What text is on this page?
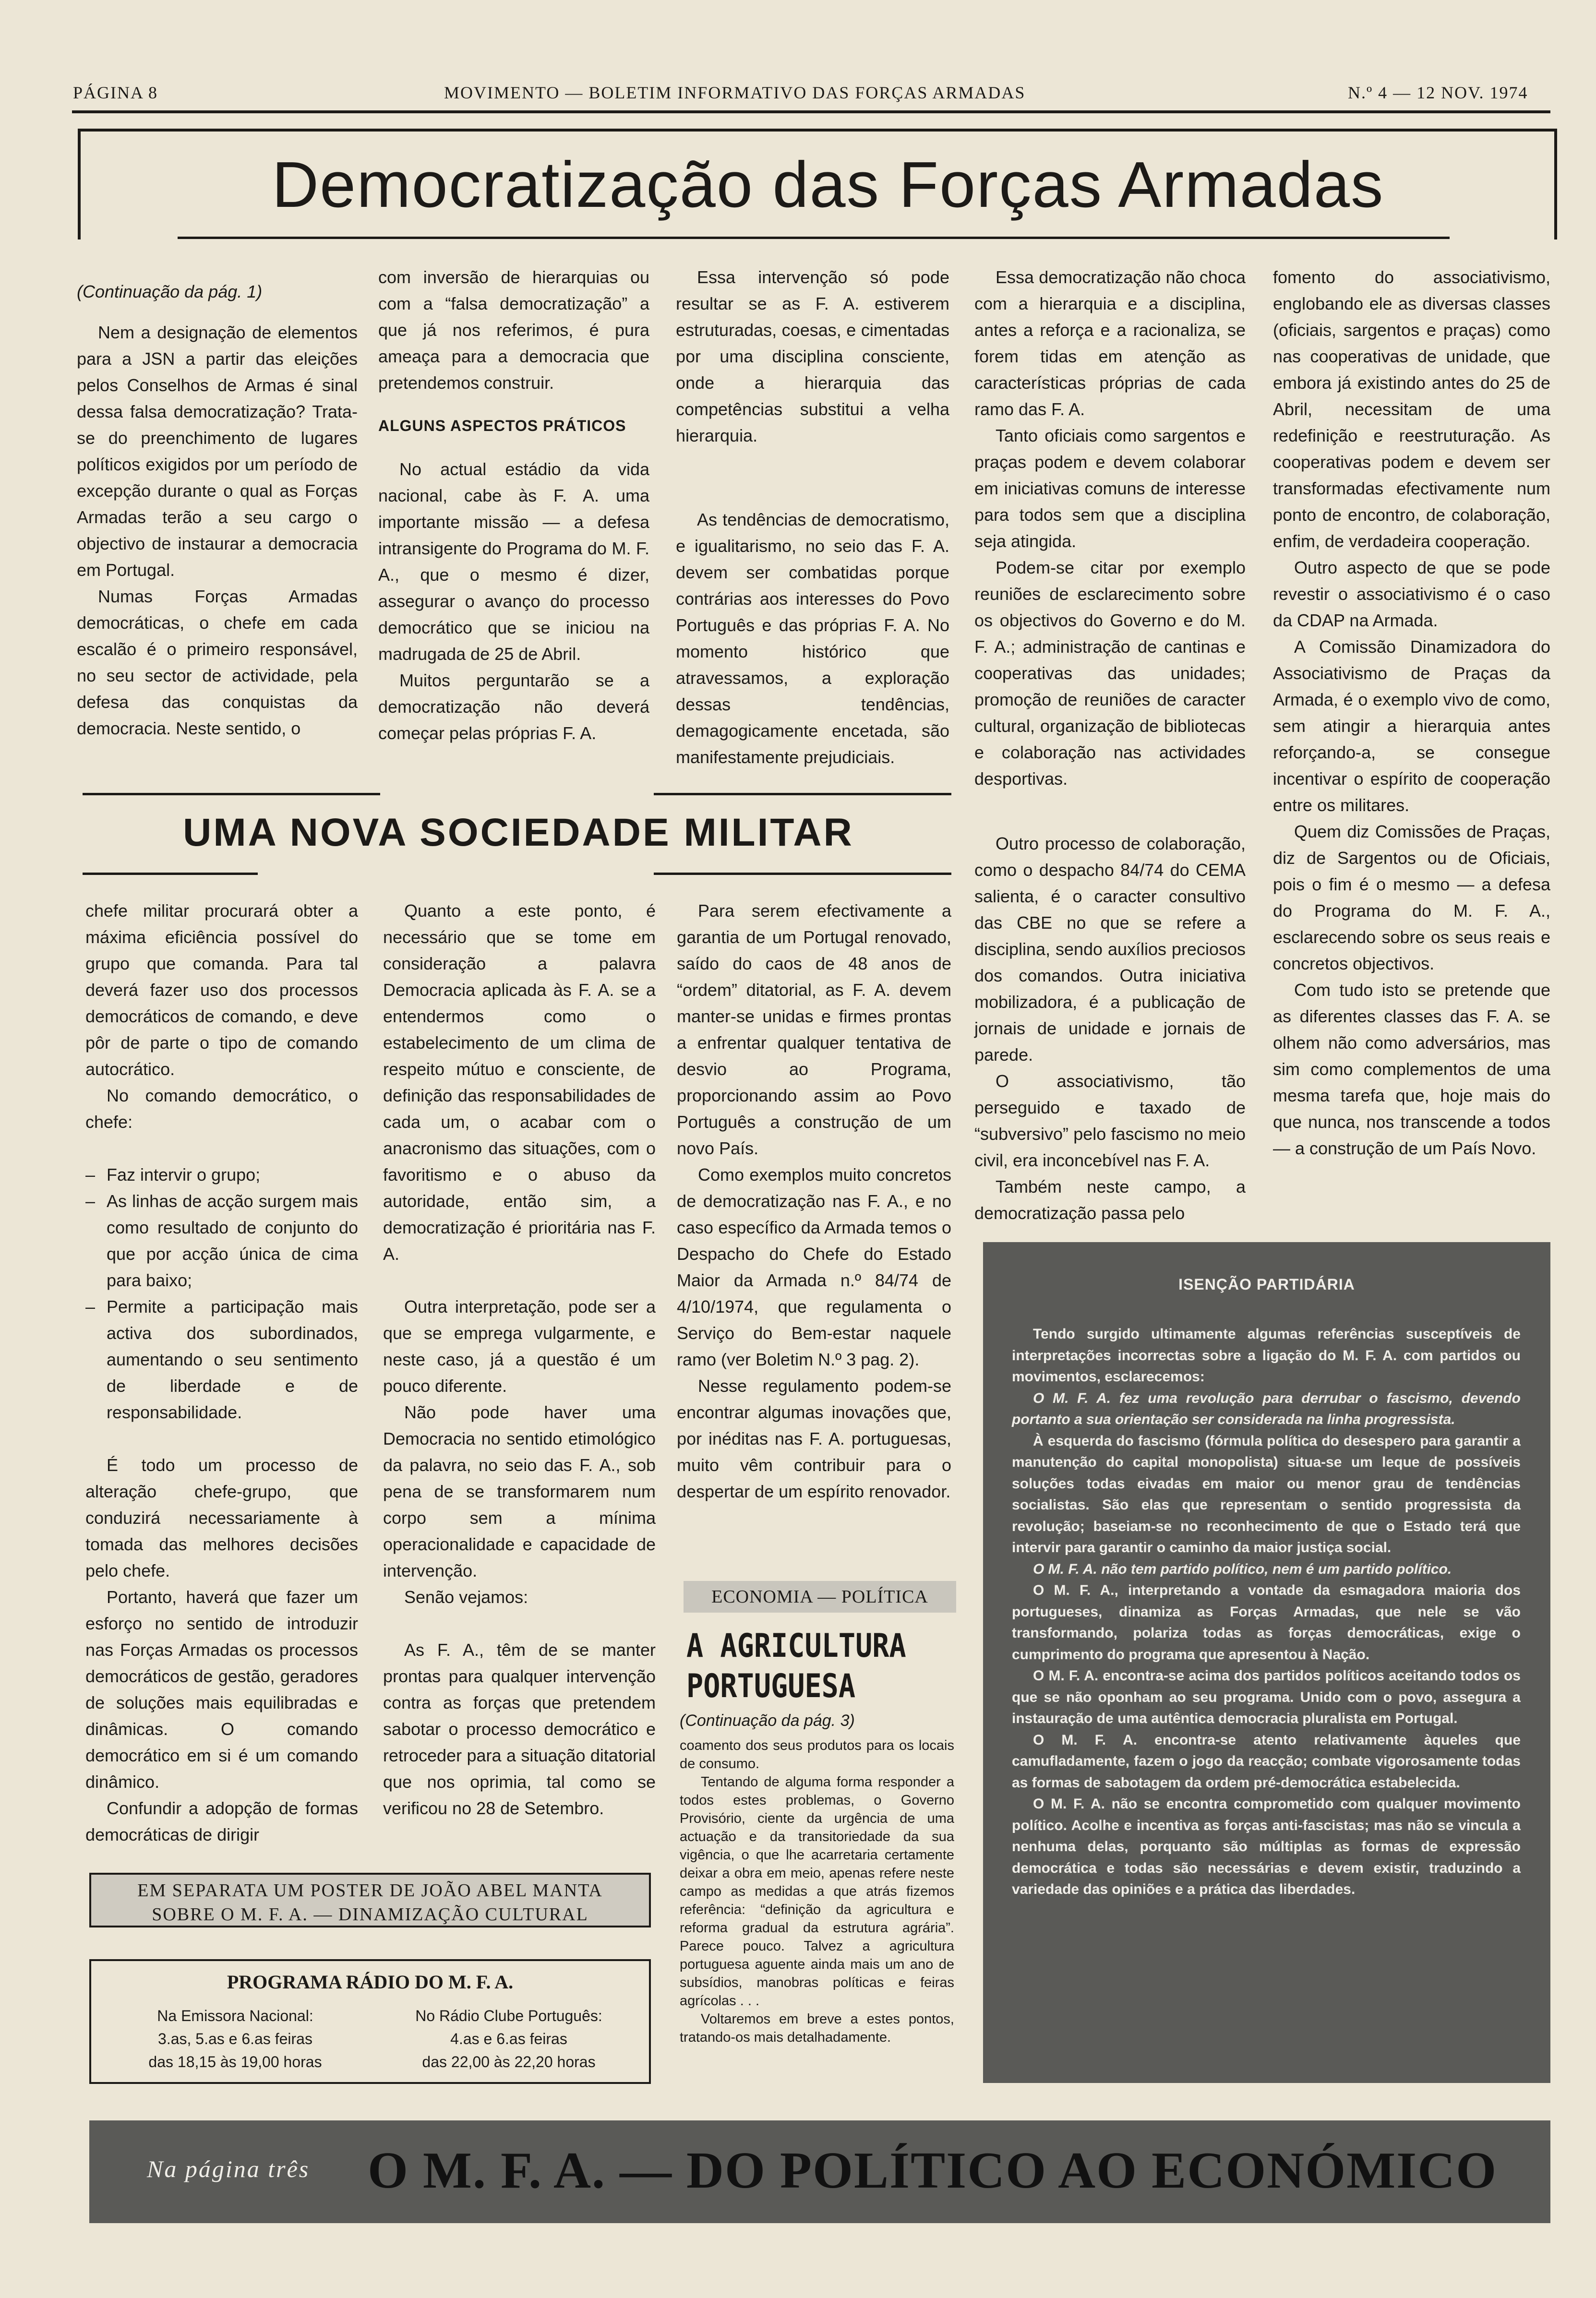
PÁGINA 8	MOVIMENTO — BOLETIM INFORMATIVO DAS FORÇAS ARMADAS	N.º 4 — 12 NOV. 1974
Democratização das Forças Armadas

(Continuação da pág. 1)

Nem a designação de elementos para a JSN a partir das eleições pelos Conselhos de Armas é sinal dessa falsa democratização? Trata-se do preenchimento de lugares políticos exigidos por um período de excepção durante o qual as Forças Armadas terão a seu cargo o objectivo de instaurar a democracia em Portugal.

Numas Forças Armadas democráticas, o chefe em cada escalão é o primeiro responsável, no seu sector de actividade, pela defesa das conquistas da democracia. Neste sentido, o

com inversão de hierarquias ou com a “falsa democratização” a que já nos referimos, é pura ameaça para a democracia que pretendemos construir.

ALGUNS ASPECTOS PRÁTICOS

No actual estádio da vida nacional, cabe às F. A. uma importante missão — a defesa intransigente do Programa do M. F. A., que o mesmo é dizer, assegurar o avanço do processo democrático que se iniciou na madrugada de 25 de Abril.

Muitos perguntarão se a democratização não deverá começar pelas próprias F. A.

Essa intervenção só pode resultar se as F. A. estiverem estruturadas, coesas, e cimentadas por uma disciplina consciente, onde a hierarquia das competências substitui a velha hierarquia.

As tendências de democratismo, e igualitarismo, no seio das F. A. devem ser combatidas porque contrárias aos interesses do Povo Português e das próprias F. A. No momento histórico que atravessamos, a exploração dessas tendências, demagogicamente encetada, são manifestamente prejudiciais.

Essa democratização não choca com a hierarquia e a disciplina, antes a reforça e a racionaliza, se forem tidas em atenção as características próprias de cada ramo das F. A.

Tanto oficiais como sargentos e praças podem e devem colaborar em iniciativas comuns de interesse para todos sem que a disciplina seja atingida.

Podem-se citar por exemplo reuniões de esclarecimento sobre os objectivos do Governo e do M. F. A.; administração de cantinas e cooperativas das unidades; promoção de reuniões de caracter cultural, organização de bibliotecas e colaboração nas actividades desportivas.

Outro processo de colaboração, como o despacho 84/74 do CEMA salienta, é o caracter consultivo das CBE no que se refere a disciplina, sendo auxílios preciosos dos comandos. Outra iniciativa mobilizadora, é a publicação de jornais de unidade e jornais de parede.

O associativismo, tão perseguido e taxado de “subversivo” pelo fascismo no meio civil, era inconcebível nas F. A.

Também neste campo, a democratização passa pelo

fomento do associativismo, englobando ele as diversas classes (oficiais, sargentos e praças) como nas cooperativas de unidade, que embora já existindo antes do 25 de Abril, necessitam de uma redefinição e reestruturação. As cooperativas podem e devem ser transformadas efectivamente num ponto de encontro, de colaboração, enfim, de verdadeira cooperação.

Outro aspecto de que se pode revestir o associativismo é o caso da CDAP na Armada.

A Comissão Dinamizadora do Associativismo de Praças da Armada, é o exemplo vivo de como, sem atingir a hierarquia antes reforçando-a, se consegue incentivar o espírito de cooperação entre os militares.

Quem diz Comissões de Praças, diz de Sargentos ou de Oficiais, pois o fim é o mesmo — a defesa do Programa do M. F. A., esclarecendo sobre os seus reais e concretos objectivos.

Com tudo isto se pretende que as diferentes classes das F. A. se olhem não como adversários, mas sim como complementos de uma mesma tarefa que, hoje mais do que nunca, nos transcende a todos — a construção de um País Novo.

UMA NOVA SOCIEDADE MILITAR

chefe militar procurará obter a máxima eficiência possível do grupo que comanda. Para tal deverá fazer uso dos processos democráticos de comando, e deve pôr de parte o tipo de comando autocrático.

No comando democrático, o chefe:

– Faz intervir o grupo;
– As linhas de acção surgem mais como resultado de conjunto do que por acção única de cima para baixo;
– Permite a participação mais activa dos subordinados, aumentando o seu sentimento de liberdade e de responsabilidade.

É todo um processo de alteração chefe-grupo, que conduzirá necessariamente à tomada das melhores decisões pelo chefe.

Portanto, haverá que fazer um esforço no sentido de introduzir nas Forças Armadas os processos democráticos de gestão, geradores de soluções mais equilibradas e dinâmicas. O comando democrático em si é um comando dinâmico.

Confundir a adopção de formas democráticas de dirigir

Quanto a este ponto, é necessário que se tome em consideração a palavra Democracia aplicada às F. A. se a entendermos como o estabelecimento de um clima de respeito mútuo e consciente, de definição das responsabilidades de cada um, o acabar com o anacronismo das situações, com o favoritismo e o abuso da autoridade, então sim, a democratização é prioritária nas F. A.

Outra interpretação, pode ser a que se emprega vulgarmente, e neste caso, já a questão é um pouco diferente.

Não pode haver uma Democracia no sentido etimológico da palavra, no seio das F. A., sob pena de se transformarem num corpo sem a mínima operacionalidade e capacidade de intervenção.

Senão vejamos:

As F. A., têm de se manter prontas para qualquer intervenção contra as forças que pretendem sabotar o processo democrático e retroceder para a situação ditatorial que nos oprimia, tal como se verificou no 28 de Setembro.

Para serem efectivamente a garantia de um Portugal renovado, saído do caos de 48 anos de “ordem” ditatorial, as F. A. devem manter-se unidas e firmes prontas a enfrentar qualquer tentativa de desvio ao Programa, proporcionando assim ao Povo Português a construção de um novo País.

Como exemplos muito concretos de democratização nas F. A., e no caso específico da Armada temos o Despacho do Chefe do Estado Maior da Armada n.º 84/74 de 4/10/1974, que regulamenta o Serviço do Bem-estar naquele ramo (ver Boletim N.º 3 pag. 2).

Nesse regulamento podem-se encontrar algumas inovações que, por inéditas nas F. A. portuguesas, muito vêm contribuir para o despertar de um espírito renovador.

ECONOMIA — POLÍTICA
A AGRICULTURA
PORTUGUESA
(Continuação da pág. 3)

coamento dos seus produtos para os locais de consumo.

Tentando de alguma forma responder a todos estes problemas, o Governo Provisório, ciente da urgência de uma actuação e da transitoriedade da sua vigência, o que lhe acarretaria certamente deixar a obra em meio, apenas refere neste campo as medidas a que atrás fizemos referência: “definição da agricultura e reforma gradual da estrutura agrária”. Parece pouco. Talvez a agricultura portuguesa aguente ainda mais um ano de subsídios, manobras políticas e feiras agrícolas . . .

Voltaremos em breve a estes pontos, tratando-os mais detalhadamente.

EM SEPARATA UM POSTER DE JOÃO ABEL MANTA
SOBRE O M. F. A. — DINAMIZAÇÃO CULTURAL
PROGRAMA RÁDIO DO M. F. A.
Na Emissora Nacional:
3.as, 5.as e 6.as feiras
das 18,15 às 19,00 horas
No Rádio Clube Português:
4.as e 6.as feiras
das 22,00 às 22,20 horas
ISENÇÃO PARTIDÁRIA

Tendo surgido ultimamente algumas referências susceptíveis de interpretações incorrectas sobre a ligação do M. F. A. com partidos ou movimentos, esclarecemos:

O M. F. A. fez uma revolução para derrubar o fascismo, devendo portanto a sua orientação ser considerada na linha progressista.

À esquerda do fascismo (fórmula política do desespero para garantir a manutenção do capital monopolista) situa-se um leque de possíveis soluções todas eivadas em maior ou menor grau de tendências socialistas. São elas que representam o sentido progressista da revolução; baseiam-se no reconhecimento de que o Estado terá que intervir para garantir o caminho da maior justiça social.

O M. F. A. não tem partido político, nem é um partido político.

O M. F. A., interpretando a vontade da esmagadora maioria dos portugueses, dinamiza as Forças Armadas, que nele se vão transformando, polariza todas as forças democráticas, exige o cumprimento do programa que apresentou à Nação.

O M. F. A. encontra-se acima dos partidos políticos aceitando todos os que se não oponham ao seu programa. Unido com o povo, assegura a instauração de uma autêntica democracia pluralista em Portugal.

O M. F. A. encontra-se atento relativamente àqueles que camufladamente, fazem o jogo da reacção; combate vigorosamente todas as formas de sabotagem da ordem pré-democrática estabelecida.

O M. F. A. não se encontra comprometido com qualquer movimento político. Acolhe e incentiva as forças anti-fascistas; mas não se vincula a nenhuma delas, porquanto são múltiplas as formas de expressão democrática e todas são necessárias e devem existir, traduzindo a variedade das opiniões e a prática das liberdades.

Na página três O M. F. A. — DO POLÍTICO AO ECONÓMICO
